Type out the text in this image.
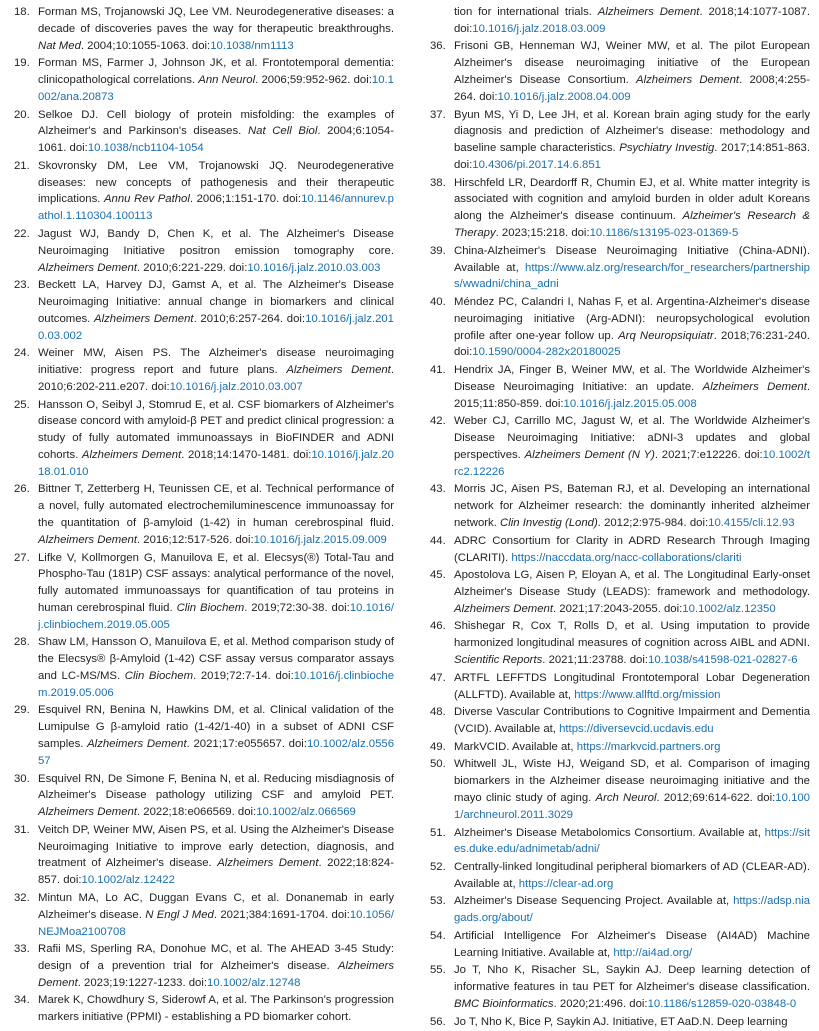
18. Forman MS, Trojanowski JQ, Lee VM. Neurodegenerative diseases: a decade of discoveries paves the way for therapeutic breakthroughs. Nat Med. 2004;10:1055-1063. doi:10.1038/nm1113
19. Forman MS, Farmer J, Johnson JK, et al. Frontotemporal dementia: clinicopathological correlations. Ann Neurol. 2006;59:952-962. doi:10.1002/ana.20873
20. Selkoe DJ. Cell biology of protein misfolding: the examples of Alzheimer's and Parkinson's diseases. Nat Cell Biol. 2004;6:1054-1061. doi:10.1038/ncb1104-1054
21. Skovronsky DM, Lee VM, Trojanowski JQ. Neurodegenerative diseases: new concepts of pathogenesis and their therapeutic implications. Annu Rev Pathol. 2006;1:151-170. doi:10.1146/annurev.pathol.1.110304.100113
22. Jagust WJ, Bandy D, Chen K, et al. The Alzheimer's Disease Neuroimaging Initiative positron emission tomography core. Alzheimers Dement. 2010;6:221-229. doi:10.1016/j.jalz.2010.03.003
23. Beckett LA, Harvey DJ, Gamst A, et al. The Alzheimer's Disease Neuroimaging Initiative: annual change in biomarkers and clinical outcomes. Alzheimers Dement. 2010;6:257-264. doi:10.1016/j.jalz.2010.03.002
24. Weiner MW, Aisen PS. The Alzheimer's disease neuroimaging initiative: progress report and future plans. Alzheimers Dement. 2010;6:202-211.e207. doi:10.1016/j.jalz.2010.03.007
25. Hansson O, Seibyl J, Stomrud E, et al. CSF biomarkers of Alzheimer's disease concord with amyloid-β PET and predict clinical progression: a study of fully automated immunoassays in BioFINDER and ADNI cohorts. Alzheimers Dement. 2018;14:1470-1481. doi:10.1016/j.jalz.2018.01.010
26. Bittner T, Zetterberg H, Teunissen CE, et al. Technical performance of a novel, fully automated electrochemiluminescence immunoassay for the quantitation of β-amyloid (1-42) in human cerebrospinal fluid. Alzheimers Dement. 2016;12:517-526. doi:10.1016/j.jalz.2015.09.009
27. Lifke V, Kollmorgen G, Manuilova E, et al. Elecsys(®) Total-Tau and Phospho-Tau (181P) CSF assays: analytical performance of the novel, fully automated immunoassays for quantification of tau proteins in human cerebrospinal fluid. Clin Biochem. 2019;72:30-38. doi:10.1016/j.clinbiochem.2019.05.005
28. Shaw LM, Hansson O, Manuilova E, et al. Method comparison study of the Elecsys® β-Amyloid (1-42) CSF assay versus comparator assays and LC-MS/MS. Clin Biochem. 2019;72:7-14. doi:10.1016/j.clinbiochem.2019.05.006
29. Esquivel RN, Benina N, Hawkins DM, et al. Clinical validation of the Lumipulse G β-amyloid ratio (1-42/1-40) in a subset of ADNI CSF samples. Alzheimers Dement. 2021;17:e055657. doi:10.1002/alz.055657
30. Esquivel RN, De Simone F, Benina N, et al. Reducing misdiagnosis of Alzheimer's Disease pathology utilizing CSF and amyloid PET. Alzheimers Dement. 2022;18:e066569. doi:10.1002/alz.066569
31. Veitch DP, Weiner MW, Aisen PS, et al. Using the Alzheimer's Disease Neuroimaging Initiative to improve early detection, diagnosis, and treatment of Alzheimer's disease. Alzheimers Dement. 2022;18:824-857. doi:10.1002/alz.12422
32. Mintun MA, Lo AC, Duggan Evans C, et al. Donanemab in early Alzheimer's disease. N Engl J Med. 2021;384:1691-1704. doi:10.1056/NEJMoa2100708
33. Rafii MS, Sperling RA, Donohue MC, et al. The AHEAD 3-45 Study: design of a prevention trial for Alzheimer's disease. Alzheimers Dement. 2023;19:1227-1233. doi:10.1002/alz.12748
34. Marek K, Chowdhury S, Siderowf A, et al. The Parkinson's progression markers initiative (PPMI) - establishing a PD biomarker cohort.
tion for international trials. Alzheimers Dement. 2018;14:1077-1087. doi:10.1016/j.jalz.2018.03.009
36. Frisoni GB, Henneman WJ, Weiner MW, et al. The pilot European Alzheimer's disease neuroimaging initiative of the European Alzheimer's Disease Consortium. Alzheimers Dement. 2008;4:255-264. doi:10.1016/j.jalz.2008.04.009
37. Byun MS, Yi D, Lee JH, et al. Korean brain aging study for the early diagnosis and prediction of Alzheimer's disease: methodology and baseline sample characteristics. Psychiatry Investig. 2017;14:851-863. doi:10.4306/pi.2017.14.6.851
38. Hirschfeld LR, Deardorff R, Chumin EJ, et al. White matter integrity is associated with cognition and amyloid burden in older adult Koreans along the Alzheimer's disease continuum. Alzheimer's Research & Therapy. 2023;15:218. doi:10.1186/s13195-023-01369-5
39. China-Alzheimer's Disease Neuroimaging Initiative (China-ADNI). Available at, https://www.alz.org/research/for_researchers/partnerships/wwadni/china_adni
40. Méndez PC, Calandri I, Nahas F, et al. Argentina-Alzheimer's disease neuroimaging initiative (Arg-ADNI): neuropsychological evolution profile after one-year follow up. Arq Neuropsiquiatr. 2018;76:231-240. doi:10.1590/0004-282x20180025
41. Hendrix JA, Finger B, Weiner MW, et al. The Worldwide Alzheimer's Disease Neuroimaging Initiative: an update. Alzheimers Dement. 2015;11:850-859. doi:10.1016/j.jalz.2015.05.008
42. Weber CJ, Carrillo MC, Jagust W, et al. The Worldwide Alzheimer's Disease Neuroimaging Initiative: aDNI-3 updates and global perspectives. Alzheimers Dement (N Y). 2021;7:e12226. doi:10.1002/trc2.12226
43. Morris JC, Aisen PS, Bateman RJ, et al. Developing an international network for Alzheimer research: the dominantly inherited alzheimer network. Clin Investig (Lond). 2012;2:975-984. doi:10.4155/cli.12.93
44. ADRC Consortium for Clarity in ADRD Research Through Imaging (CLARITI). https://naccdata.org/nacc-collaborations/clariti
45. Apostolova LG, Aisen P, Eloyan A, et al. The Longitudinal Early-onset Alzheimer's Disease Study (LEADS): framework and methodology. Alzheimers Dement. 2021;17:2043-2055. doi:10.1002/alz.12350
46. Shishegar R, Cox T, Rolls D, et al. Using imputation to provide harmonized longitudinal measures of cognition across AIBL and ADNI. Scientific Reports. 2021;11:23788. doi:10.1038/s41598-021-02827-6
47. ARTFL LEFFTDS Longitudinal Frontotemporal Lobar Degeneration (ALLFTD). Available at, https://www.allftd.org/mission
48. Diverse Vascular Contributions to Cognitive Impairment and Dementia (VCID). Available at, https://diversevcid.ucdavis.edu
49. MarkVCID. Available at, https://markvcid.partners.org
50. Whitwell JL, Wiste HJ, Weigand SD, et al. Comparison of imaging biomarkers in the Alzheimer disease neuroimaging initiative and the mayo clinic study of aging. Arch Neurol. 2012;69:614-622. doi:10.1001/archneurol.2011.3029
51. Alzheimer's Disease Metabolomics Consortium. Available at, https://sites.duke.edu/adnimetab/adni/
52. Centrally-linked longitudinal peripheral biomarkers of AD (CLEAR-AD). Available at, https://clear-ad.org
53. Alzheimer's Disease Sequencing Project. Available at, https://adsp.niagads.org/about/
54. Artificial Intelligence For Alzheimer's Disease (AI4AD) Machine Learning Initiative. Available at, http://ai4ad.org/
55. Jo T, Nho K, Risacher SL, Saykin AJ. Deep learning detection of informative features in tau PET for Alzheimer's disease classification. BMC Bioinformatics. 2020;21:496. doi:10.1186/s12859-020-03848-0
56. Jo T, Nho K, Bice P, Saykin AJ. Initiative, ET AaD.N. Deep learning
